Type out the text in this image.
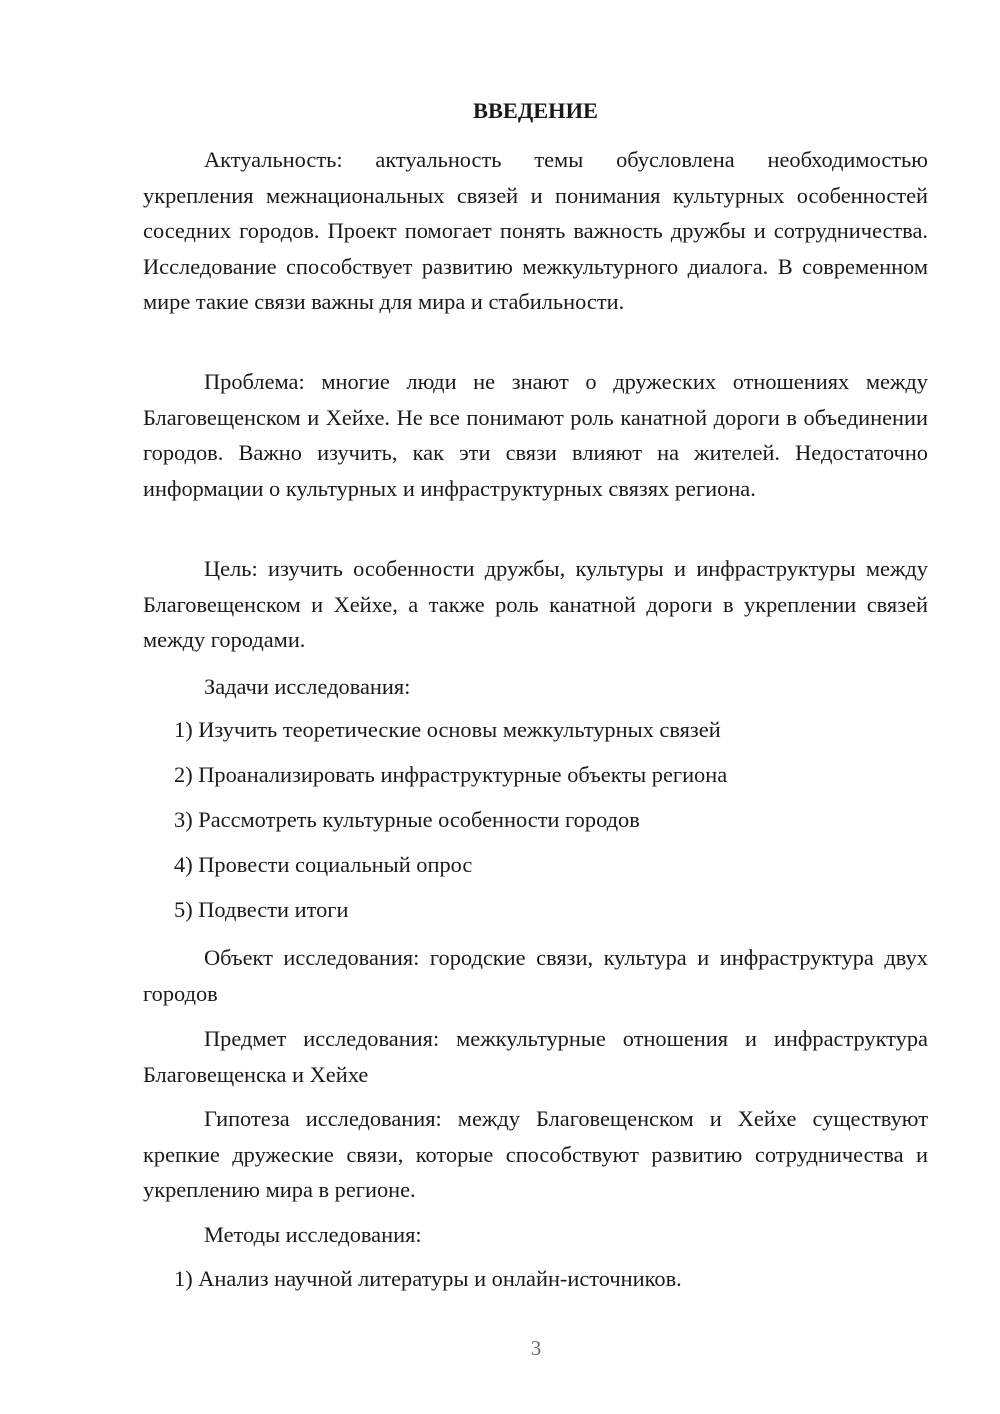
ВВЕДЕНИЕ

Актуальность: актуальность темы обусловлена необходимостью укрепления межнациональных связей и понимания культурных особенностей соседних городов. Проект помогает понять важность дружбы и сотрудничества. Исследование способствует развитию межкультурного диалога. В современном мире такие связи важны для мира и стабильности.

Проблема: многие люди не знают о дружеских отношениях между Благовещенском и Хейхе. Не все понимают роль канатной дороги в объединении городов. Важно изучить, как эти связи влияют на жителей. Недостаточно информации о культурных и инфраструктурных связях региона.

Цель: изучить особенности дружбы, культуры и инфраструктуры между Благовещенском и Хейхе, а также роль канатной дороги в укреплении связей между городами.

Задачи исследования:

1) Изучить теоретические основы межкультурных связей

2) Проанализировать инфраструктурные объекты региона

3) Рассмотреть культурные особенности городов

4) Провести социальный опрос

5) Подвести итоги

Объект исследования: городские связи, культура и инфраструктура двух городов

Предмет исследования: межкультурные отношения и инфраструктура Благовещенска и Хейхе

Гипотеза исследования: между Благовещенском и Хейхе существуют крепкие дружеские связи, которые способствуют развитию сотрудничества и укреплению мира в регионе.

Методы исследования:

1) Анализ научной литературы и онлайн-источников.

3
